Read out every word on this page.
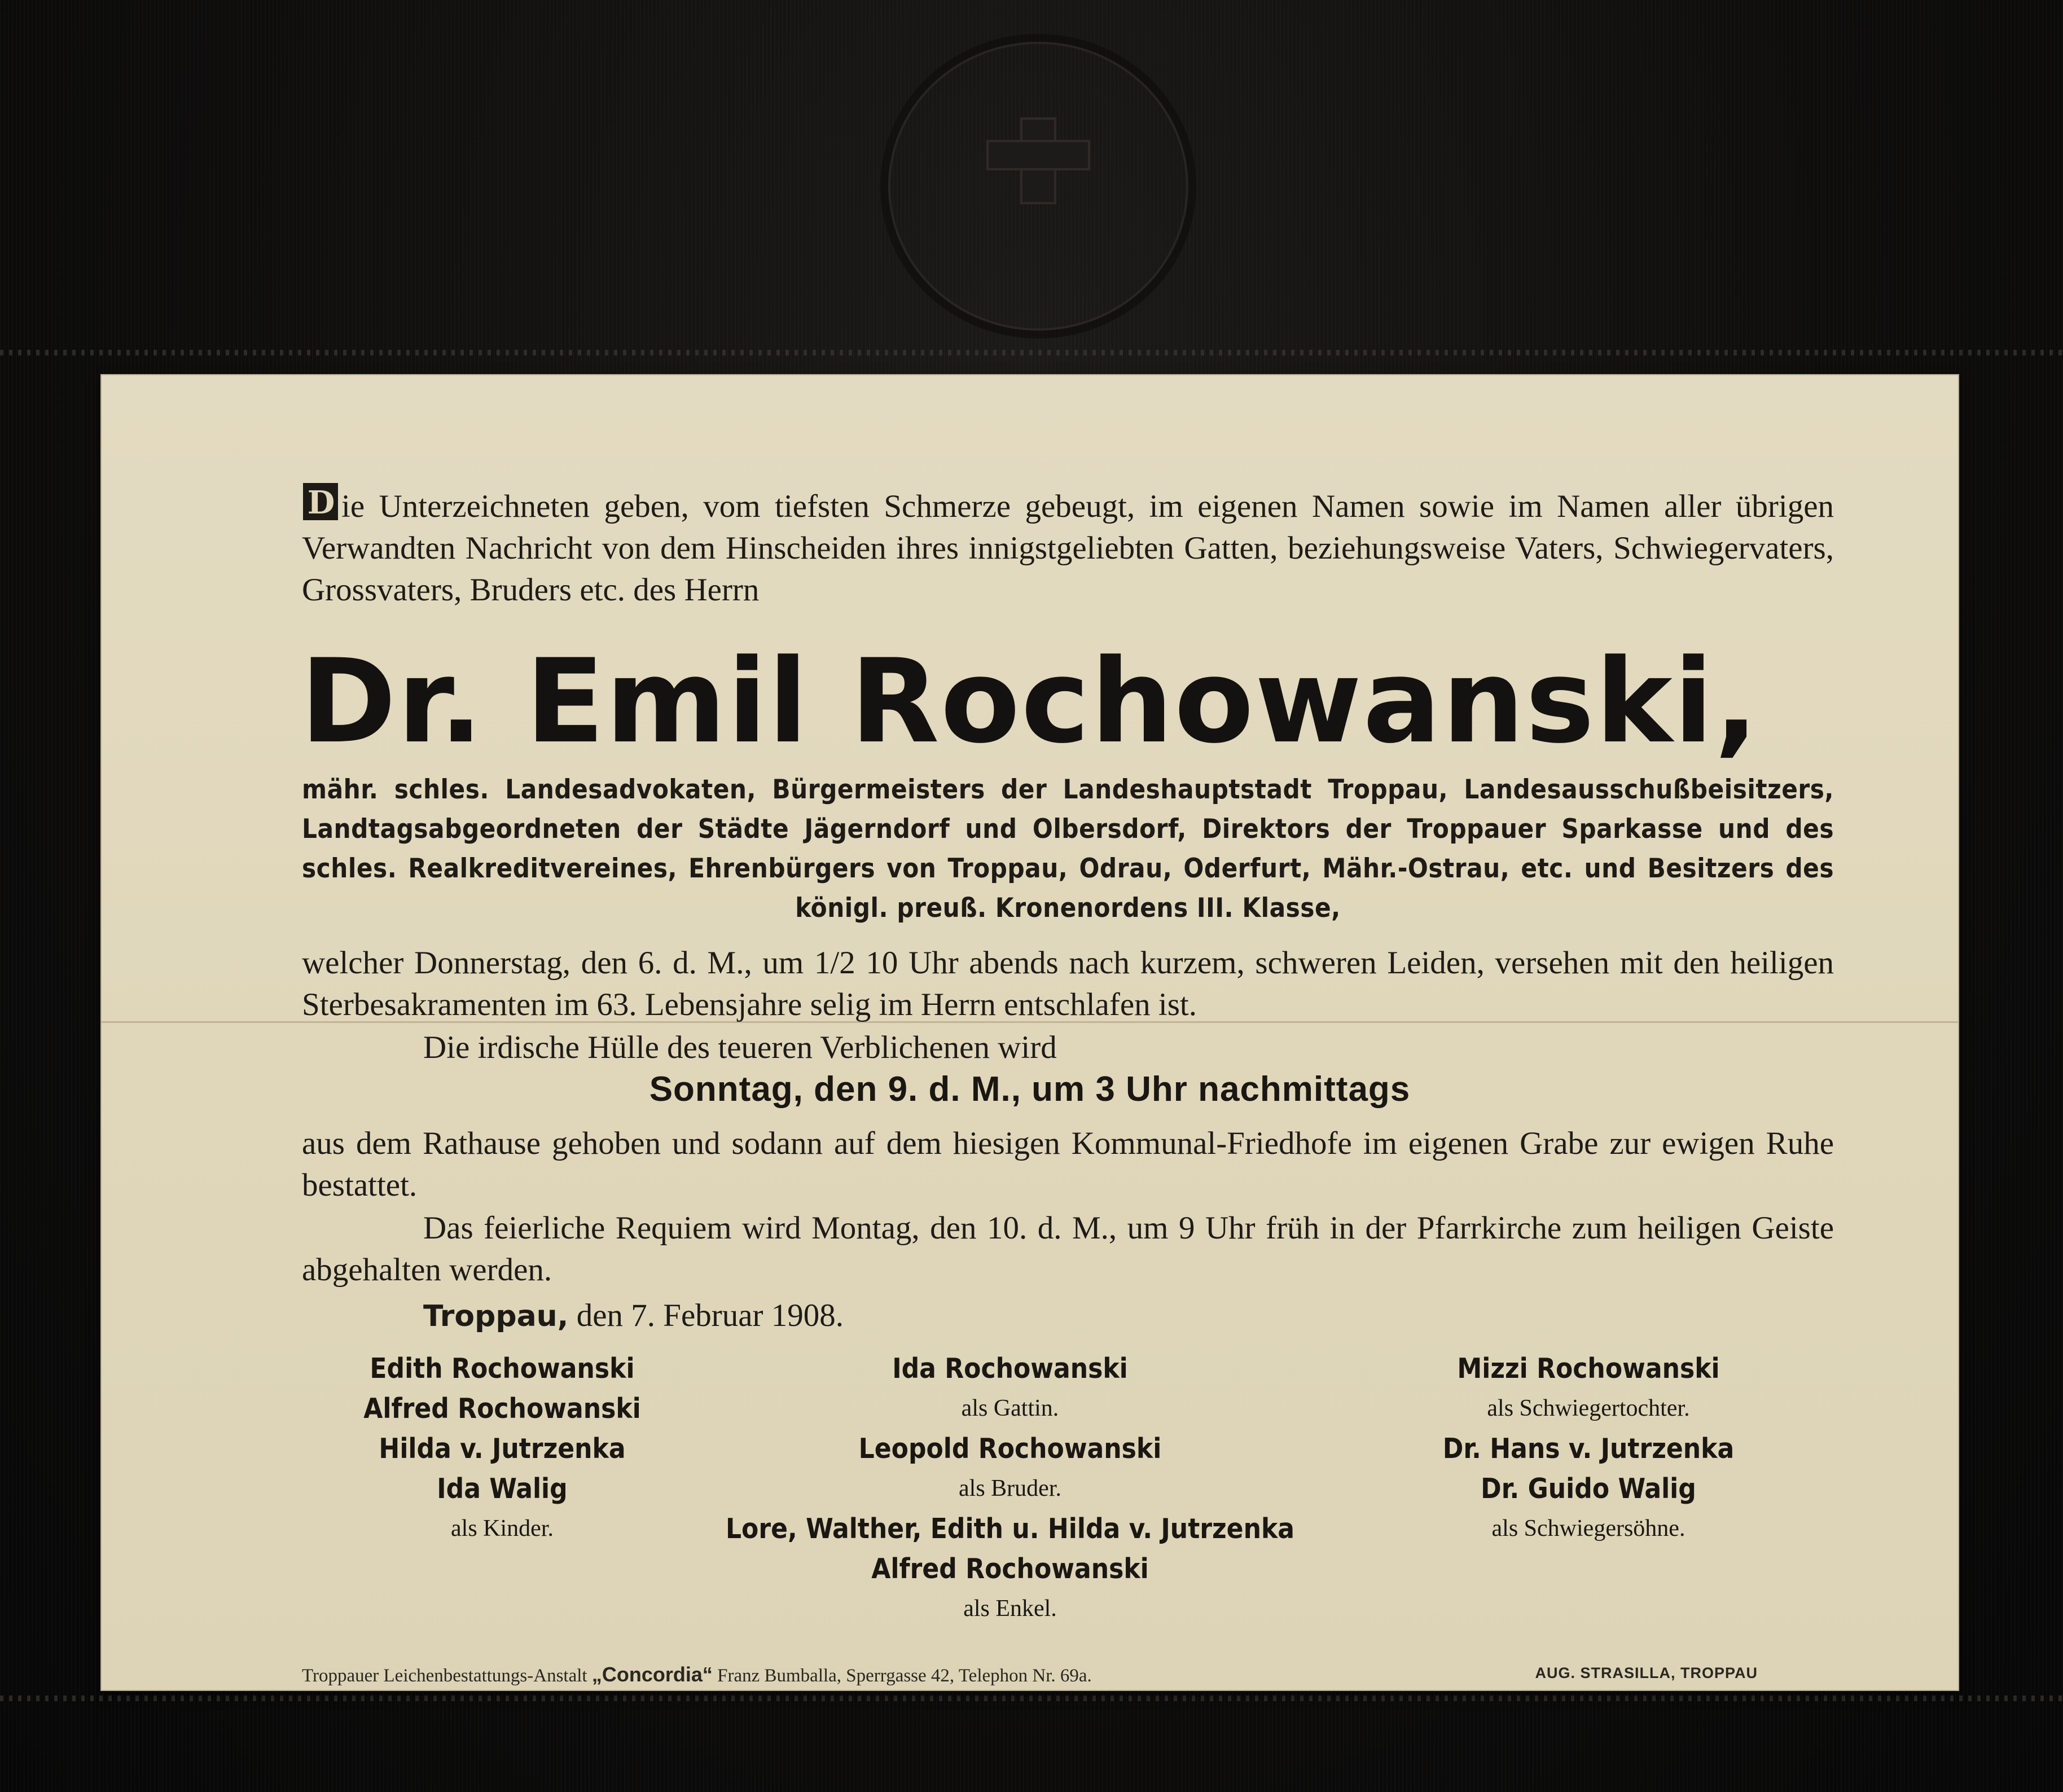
D ie Unterzeichneten geben, vom tiefsten Schmerze gebeugt, im eigenen Namen sowie im Namen aller übrigen Verwandten Nachricht von dem Hinscheiden ihres innigstgeliebten Gatten, beziehungsweise Vaters, Schwiegervaters, Grossvaters, Bruders etc. des Herrn
Dr. Emil Rochowanski,
mähr. schles. Landesadvokaten, Bürgermeisters der Landeshauptstadt Troppau, Landesausschußbeisitzers, Landtagsabgeordneten der Städte Jägerndorf und Olbersdorf, Direktors der Troppauer Sparkasse und des schles. Realkreditvereines, Ehrenbürgers von Troppau, Odrau, Oderfurt, Mähr.-Ostrau, etc. und Besitzers des königl. preuß. Kronenordens III. Klasse,
welcher Donnerstag, den 6. d. M., um 1/2 10 Uhr abends nach kurzem, schweren Leiden, versehen mit den heiligen Sterbesakramenten im 63. Lebensjahre selig im Herrn entschlafen ist.
Die irdische Hülle des teueren Verblichenen wird
Sonntag, den 9. d. M., um 3 Uhr nachmittags
aus dem Rathause gehoben und sodann auf dem hiesigen Kommunal-Friedhofe im eigenen Grabe zur ewigen Ruhe bestattet.
Das feierliche Requiem wird Montag, den 10. d. M., um 9 Uhr früh in der Pfarrkirche zum heiligen Geiste abgehalten werden.
Troppau, den 7. Februar 1908.
Edith Rochowanski
Alfred Rochowanski
Hilda v. Jutrzenka
Ida Walig
als Kinder.
Ida Rochowanski
als Gattin.
Leopold Rochowanski
als Bruder.
Lore, Walther, Edith u. Hilda v. Jutrzenka
Alfred Rochowanski
als Enkel.
Mizzi Rochowanski
als Schwiegertochter.
Dr. Hans v. Jutrzenka
Dr. Guido Walig
als Schwiegersöhne.
Troppauer Leichenbestattungs-Anstalt „Concordia“ Franz Bumballa, Sperrgasse 42, Telephon Nr. 69a.	AUG. STRASILLA, TROPPAU
